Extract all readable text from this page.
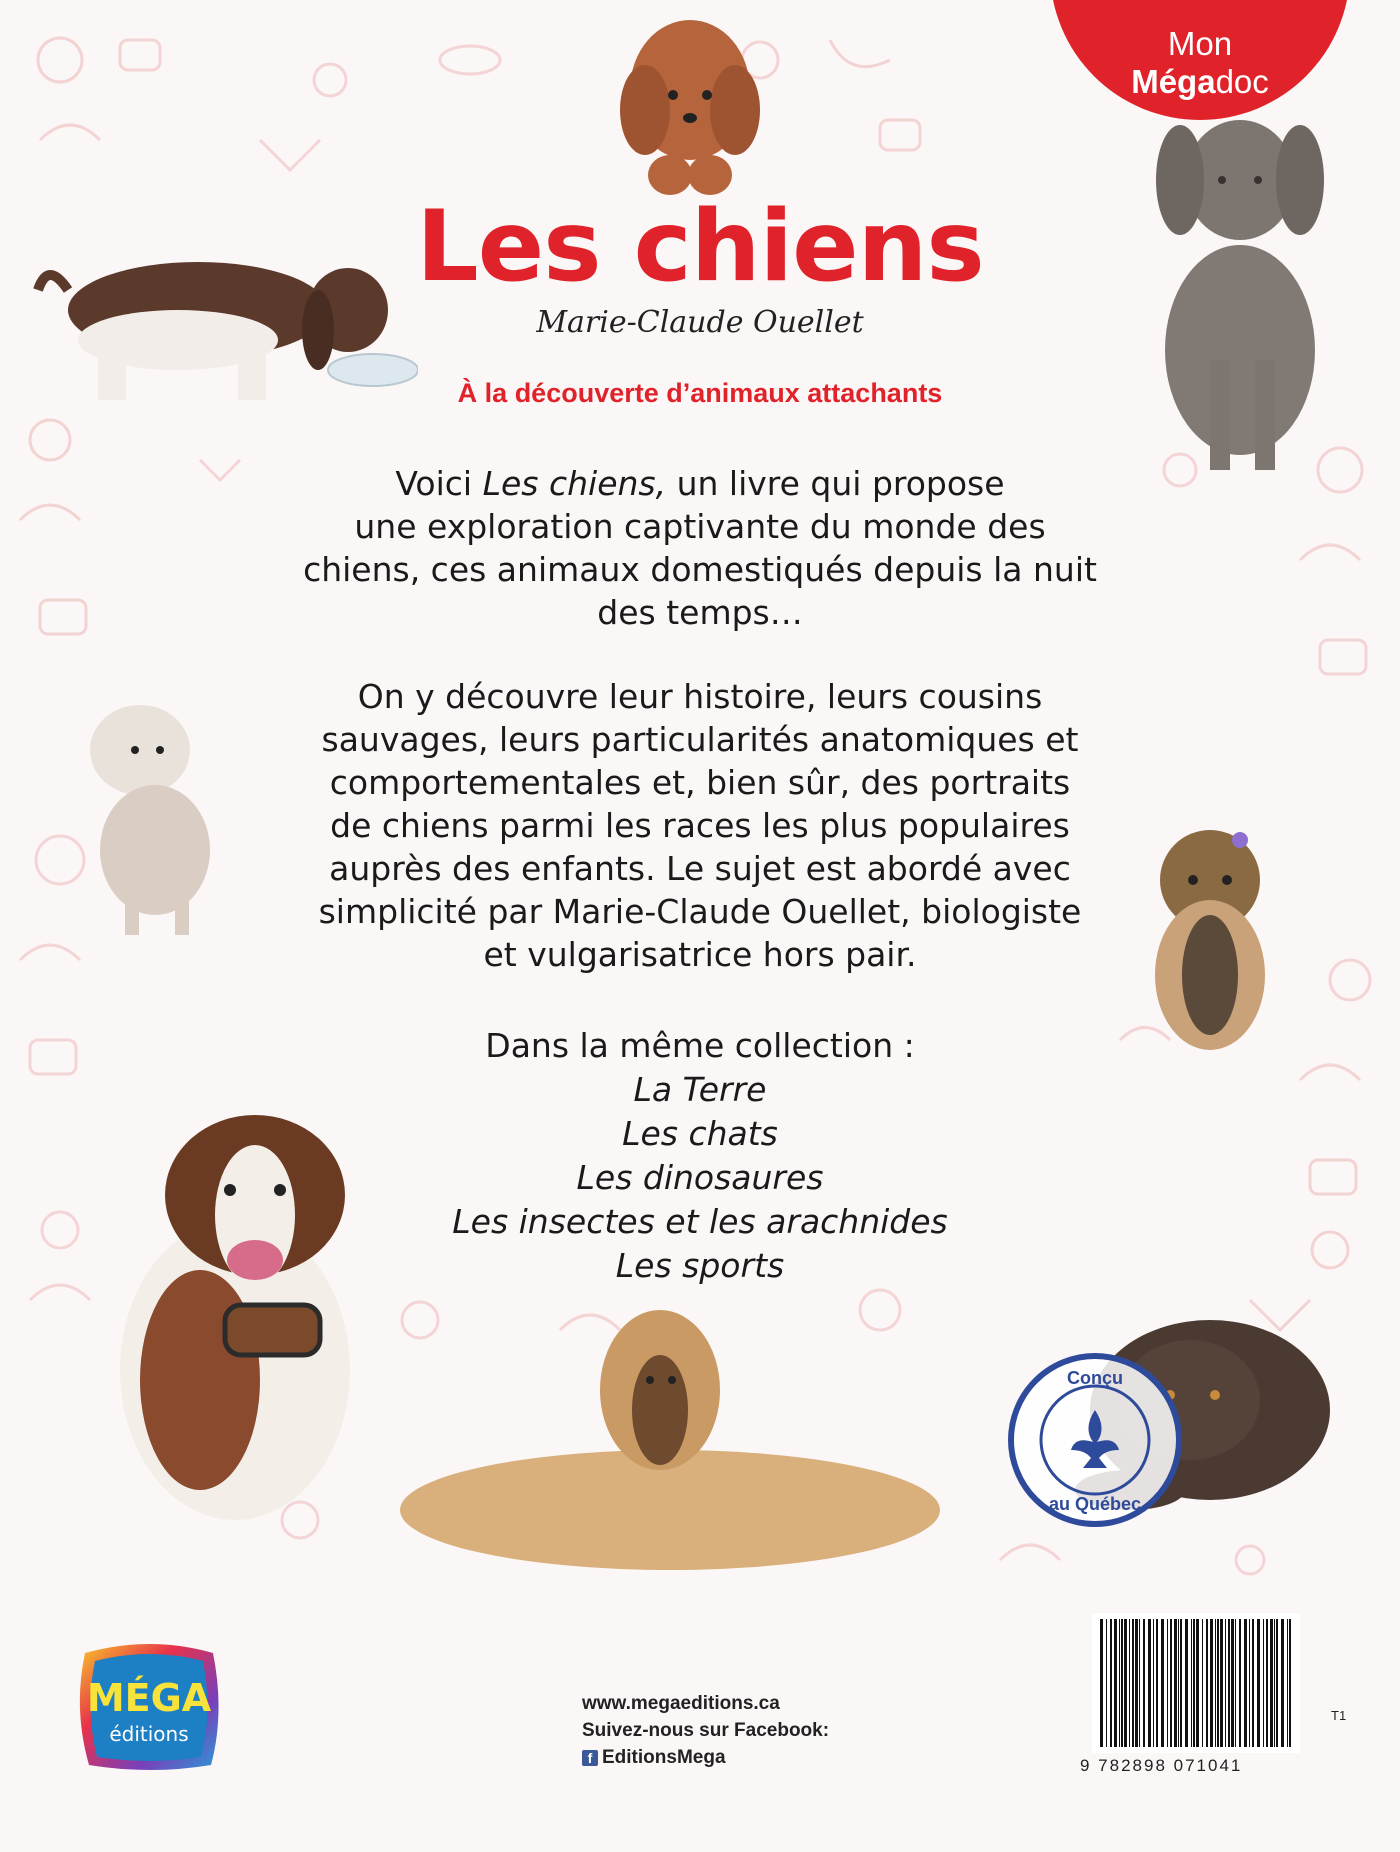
Mon
Mégadoc
Conçu
au Québec
Les chiens
Marie-Claude Ouellet
À la découverte d’animaux attachants
Voici Les chiens, un livre qui propose
une exploration captivante du monde des
chiens, ces animaux domestiqués depuis la nuit
des temps…
On y découvre leur histoire, leurs cousins
sauvages, leurs particularités anatomiques et
comportementales et, bien sûr, des portraits
de chiens parmi les races les plus populaires
auprès des enfants. Le sujet est abordé avec
simplicité par Marie-Claude Ouellet, biologiste
et vulgarisatrice hors pair.
Dans la même collection :
La Terre
Les chats
Les dinosaures
Les insectes et les arachnides
Les sports
MÉGA
éditions
www.megaeditions.ca
Suivez-nous sur Facebook:
f EditionsMega	9 782898 071041
T1
